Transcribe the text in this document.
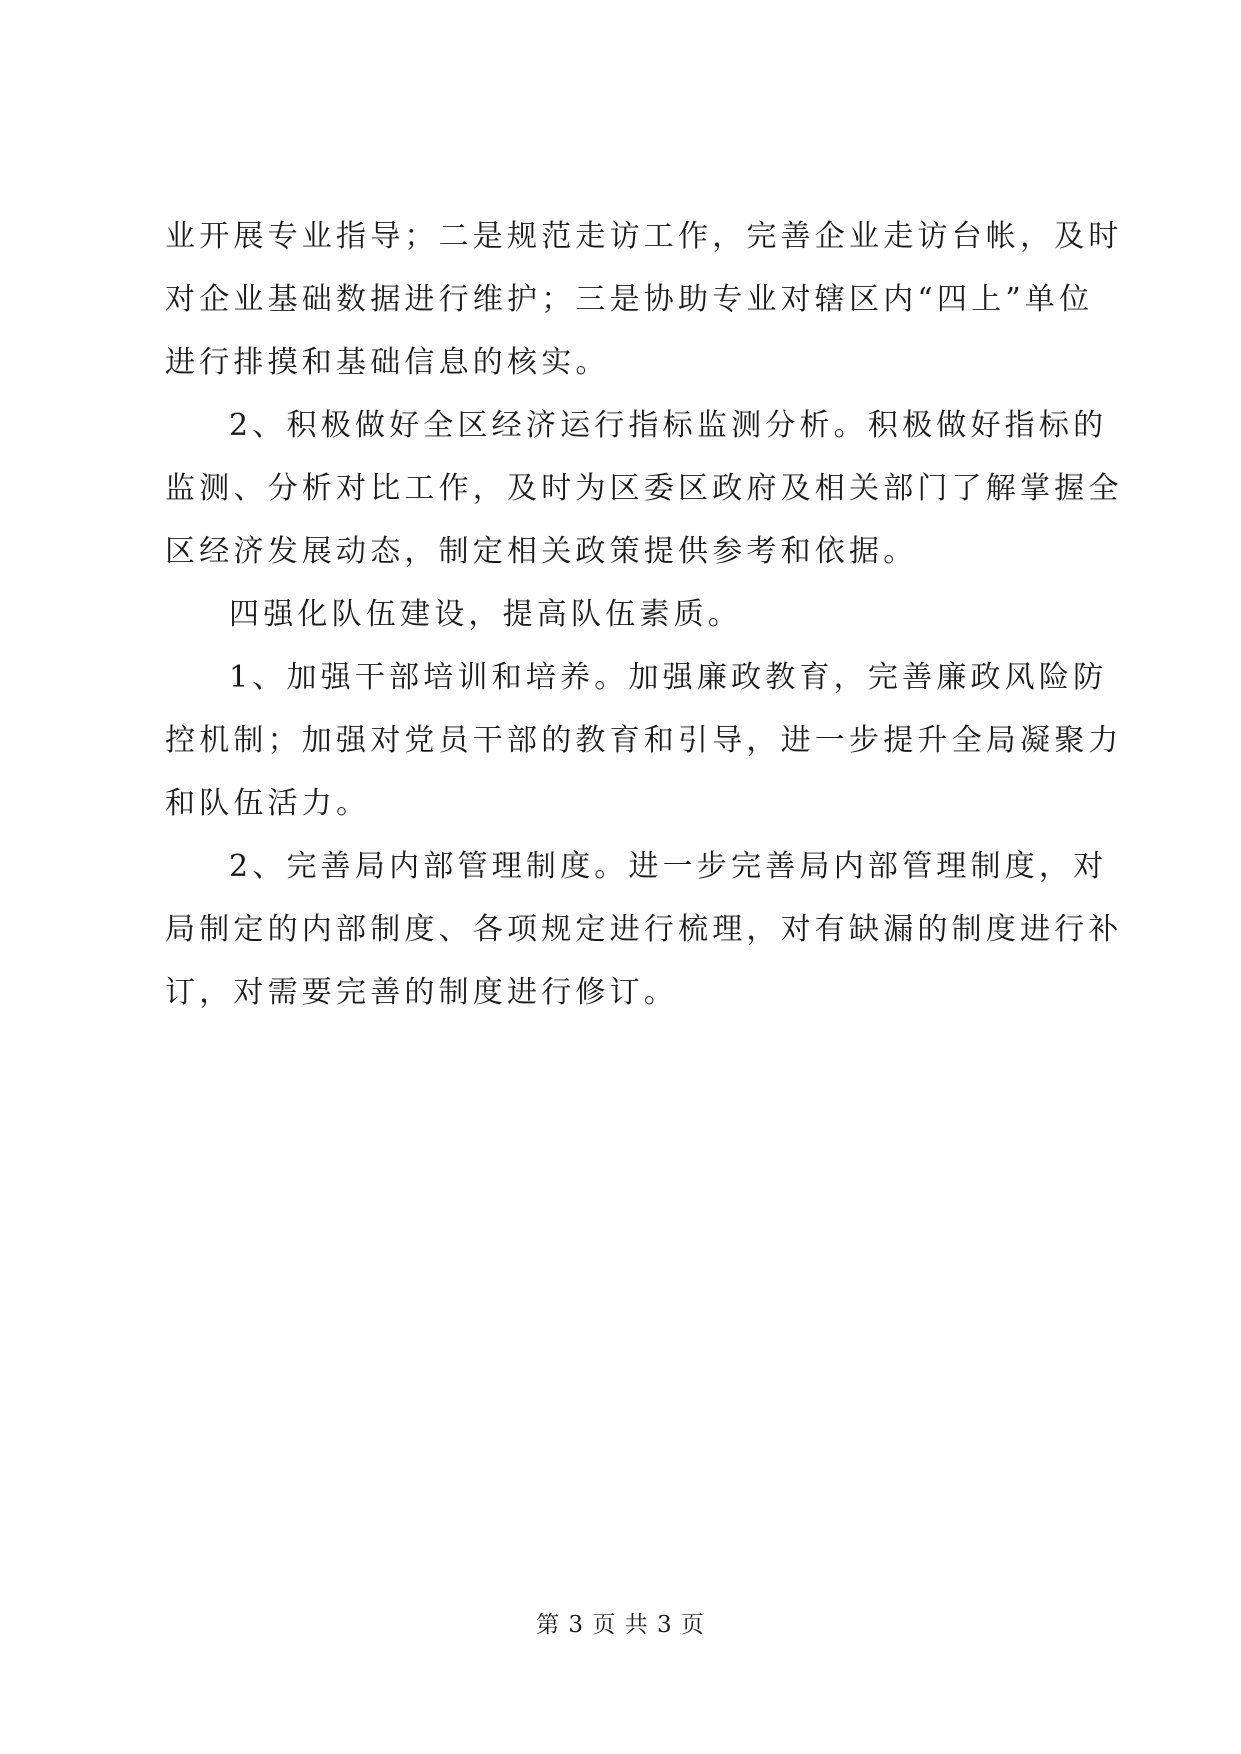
业开展专业指导；二是规范走访工作，完善企业走访台帐，及时
对企业基础数据进行维护；三是协助专业对辖区内“四上”单位
进行排摸和基础信息的核实。
2、积极做好全区经济运行指标监测分析。积极做好指标的
监测、分析对比工作，及时为区委区政府及相关部门了解掌握全
区经济发展动态，制定相关政策提供参考和依据。
四强化队伍建设，提高队伍素质。
1、加强干部培训和培养。加强廉政教育，完善廉政风险防
控机制；加强对党员干部的教育和引导，进一步提升全局凝聚力
和队伍活力。
2、完善局内部管理制度。进一步完善局内部管理制度，对
局制定的内部制度、各项规定进行梳理，对有缺漏的制度进行补
订，对需要完善的制度进行修订。
第 3 页 共 3 页
